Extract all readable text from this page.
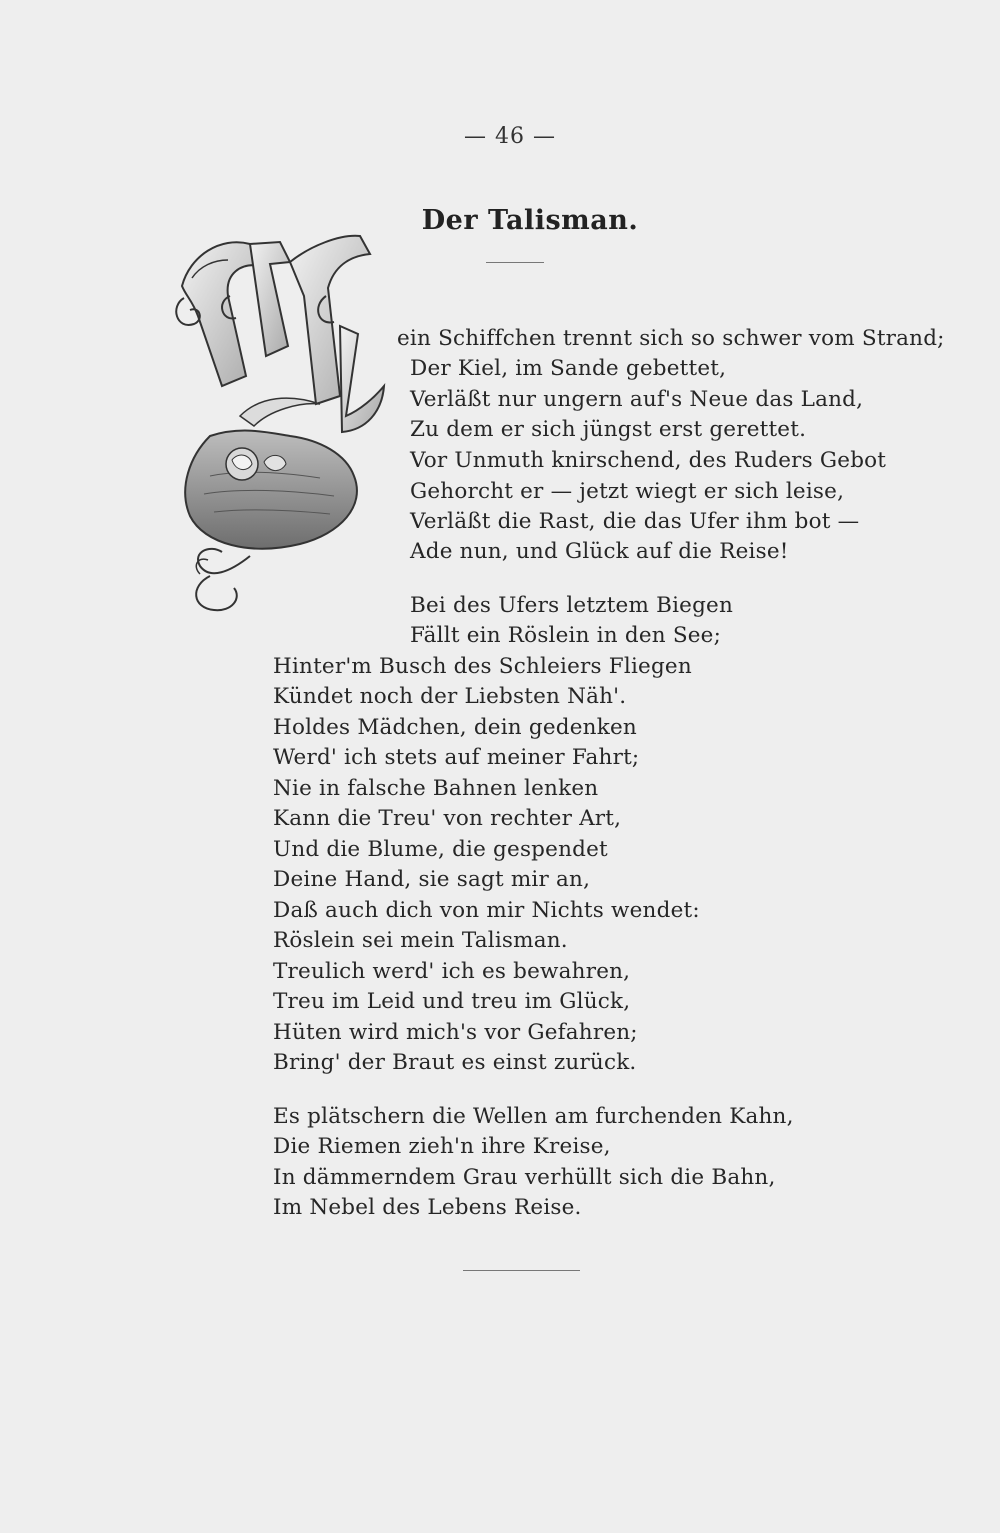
— 46 —
Der Talisman.
ein Schiffchen trennt sich so schwer vom Strand;
Der Kiel, im Sande gebettet,
Verläßt nur ungern auf's Neue das Land,
Zu dem er sich jüngst erst gerettet.
Vor Unmuth knirschend, des Ruders Gebot
Gehorcht er — jetzt wiegt er sich leise,
Verläßt die Rast, die das Ufer ihm bot —
Ade nun, und Glück auf die Reise!
Bei des Ufers letztem Biegen
Fällt ein Röslein in den See;
Hinter'm Busch des Schleiers Fliegen
Kündet noch der Liebsten Näh'.
Holdes Mädchen, dein gedenken
Werd' ich stets auf meiner Fahrt;
Nie in falsche Bahnen lenken
Kann die Treu' von rechter Art,
Und die Blume, die gespendet
Deine Hand, sie sagt mir an,
Daß auch dich von mir Nichts wendet:
Röslein sei mein Talisman.
Treulich werd' ich es bewahren,
Treu im Leid und treu im Glück,
Hüten wird mich's vor Gefahren;
Bring' der Braut es einst zurück.
Es plätschern die Wellen am furchenden Kahn,
Die Riemen zieh'n ihre Kreise,
In dämmerndem Grau verhüllt sich die Bahn,
Im Nebel des Lebens Reise.
